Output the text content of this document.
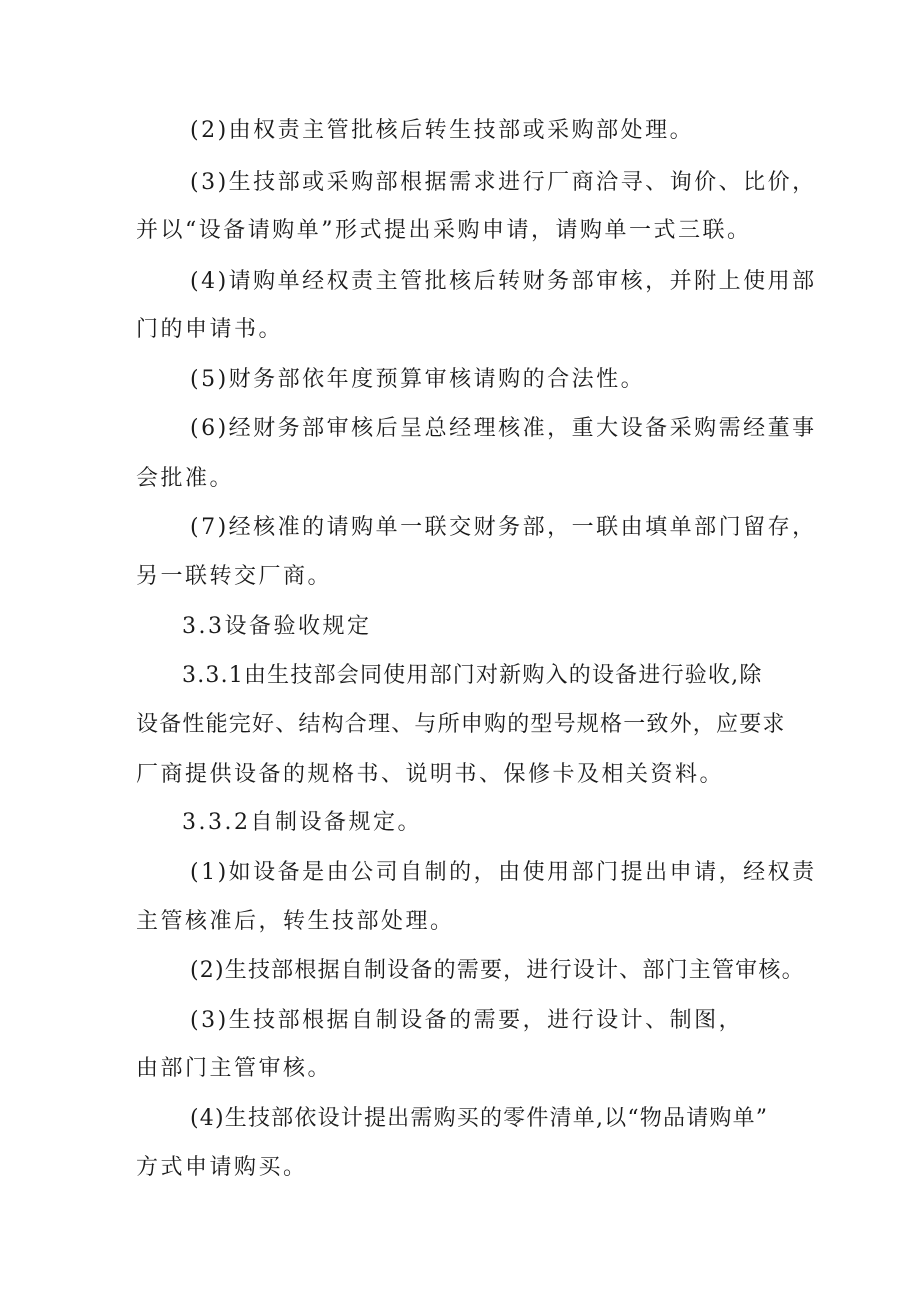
(2)由权责主管批核后转生技部或采购部处理。
(3)生技部或采购部根据需求进行厂商洽寻、询价、比价，
并以“设备请购单”形式提出采购申请，请购单一式三联。
(4)请购单经权责主管批核后转财务部审核，并附上使用部
门的申请书。
(5)财务部依年度预算审核请购的合法性。
(6)经财务部审核后呈总经理核准，重大设备采购需经董事
会批准。
(7)经核准的请购单一联交财务部，一联由填单部门留存，
另一联转交厂商。
3.3设备验收规定
3.3.1由生技部会同使用部门对新购入的设备进行验收,除
设备性能完好、结构合理、与所申购的型号规格一致外，应要求
厂商提供设备的规格书、说明书、保修卡及相关资料。
3.3.2自制设备规定。
(1)如设备是由公司自制的，由使用部门提出申请，经权责
主管核准后，转生技部处理。
(2)生技部根据自制设备的需要，进行设计、部门主管审核。
(3)生技部根据自制设备的需要，进行设计、制图，
由部门主管审核。
(4)生技部依设计提出需购买的零件清单,以“物品请购单”
方式申请购买。
